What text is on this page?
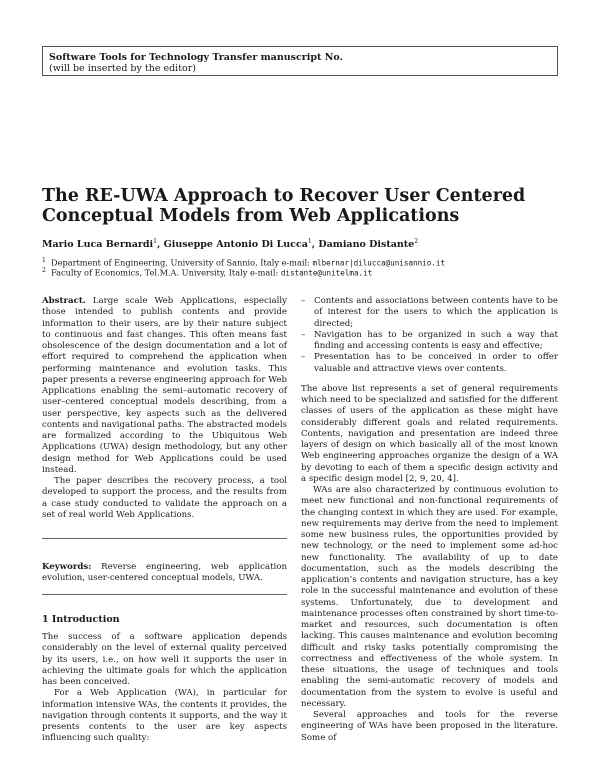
Software Tools for Technology Transfer manuscript No.
(will be inserted by the editor)
The RE-UWA Approach to Recover User Centered
Conceptual Models from Web Applications
Mario Luca Bernardi$^1$, Giuseppe Antonio Di Lucca$^1$, Damiano Distante$^2$
$^1$ Department of Engineering, University of Sannio, Italy e-mail: mlbernar|dilucca@unisannio.it
$^2$ Faculty of Economics, Tel.M.A. University, Italy e-mail: distante@unitelma.it

Abstract. Large scale Web Applications, especially those intended to publish contents and provide information to their users, are by their nature subject to continuous and fast changes. This often means fast obsolescence of the design documentation and a lot of effort required to comprehend the application when performing maintenance and evolution tasks. This paper presents a reverse engineering approach for Web Applications enabling the semi–automatic recovery of user–centered conceptual models describing, from a user perspective, key aspects such as the delivered contents and navigational paths. The abstracted models are formalized according to the Ubiquitous Web Applications (UWA) design methodology, but any other design method for Web Applications could be used instead.

The paper describes the recovery process, a tool developed to support the process, and the results from a case study conducted to validate the approach on a set of real world Web Applications.

Keywords: Reverse engineering, web application evolution, user-centered conceptual models, UWA.

1 Introduction

The success of a software application depends considerably on the level of external quality perceived by its users, i.e., on how well it supports the user in achieving the ultimate goals for which the application has been conceived.

For a Web Application (WA), in particular for information intensive WAs, the contents it provides, the navigation through contents it supports, and the way it presents contents to the user are key aspects influencing such quality:

– Contents and associations between contents have to be of interest for the users to which the application is directed;
– Navigation has to be organized in such a way that finding and accessing contents is easy and effective;
– Presentation has to be conceived in order to offer valuable and attractive views over contents.

The above list represents a set of general requirements which need to be specialized and satisfied for the different classes of users of the application as these might have considerably different goals and related requirements. Contents, navigation and presentation are indeed three layers of design on which basically all of the most known Web engineering approaches organize the design of a WA by devoting to each of them a specific design activity and a specific design model [2, 9, 20, 4].

WAs are also characterized by continuous evolution to meet new functional and non-functional requirements of the changing context in which they are used. For example, new requirements may derive from the need to implement some new business rules, the opportunities provided by new technology, or the need to implement some ad-hoc new functionality. The availability of up to date documentation, such as the models describing the application’s contents and navigation structure, has a key role in the successful maintenance and evolution of these systems. Unfortunately, due to development and maintenance processes often constrained by short time-to-market and resources, such documentation is often lacking. This causes maintenance and evolution becoming difficult and risky tasks potentially compromising the correctness and effectiveness of the whole system. In these situations, the usage of techniques and tools enabling the semi-automatic recovery of models and documentation from the system to evolve is useful and necessary.

Several approaches and tools for the reverse engineering of WAs have been proposed in the literature. Some of
